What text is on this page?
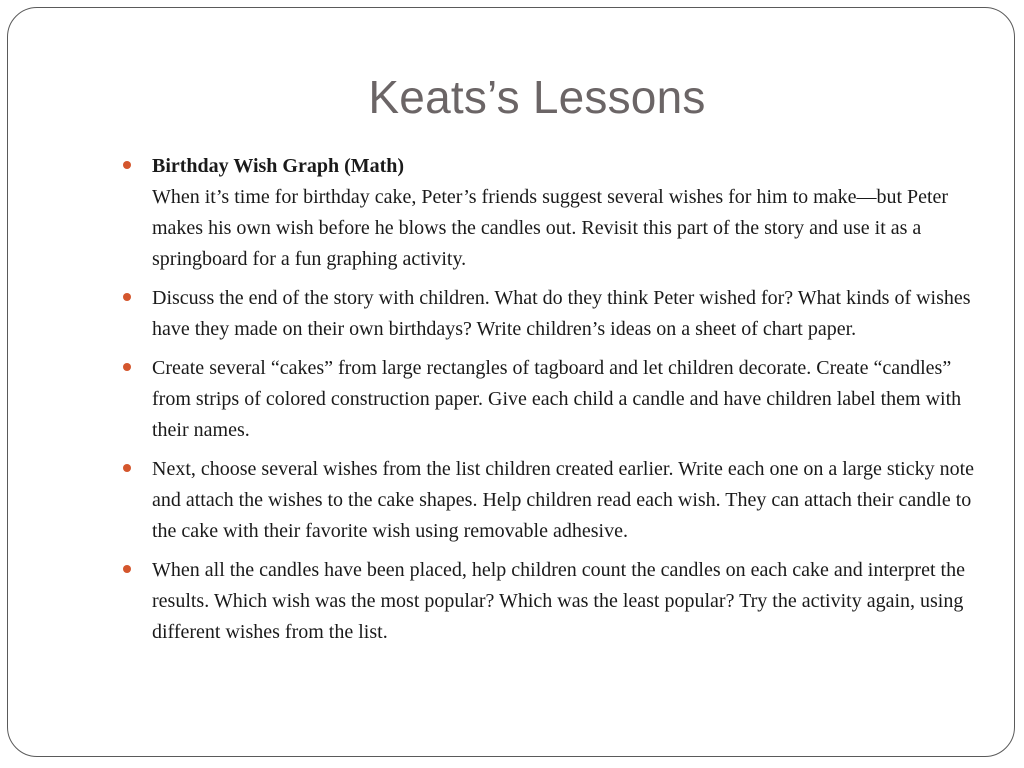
Keats’s Lessons
Birthday Wish Graph (Math)
When it’s time for birthday cake, Peter’s friends suggest several wishes for him to make—but Peter makes his own wish before he blows the candles out. Revisit this part of the story and use it as a springboard for a fun graphing activity.
Discuss the end of the story with children. What do they think Peter wished for? What kinds of wishes have they made on their own birthdays? Write children’s ideas on a sheet of chart paper.
Create several “cakes” from large rectangles of tagboard and let children decorate. Create “candles” from strips of colored construction paper. Give each child a candle and have children label them with their names.
Next, choose several wishes from the list children created earlier. Write each one on a large sticky note and attach the wishes to the cake shapes. Help children read each wish. They can attach their candle to the cake with their favorite wish using removable adhesive.
When all the candles have been placed, help children count the candles on each cake and interpret the results. Which wish was the most popular? Which was the least popular? Try the activity again, using different wishes from the list.
